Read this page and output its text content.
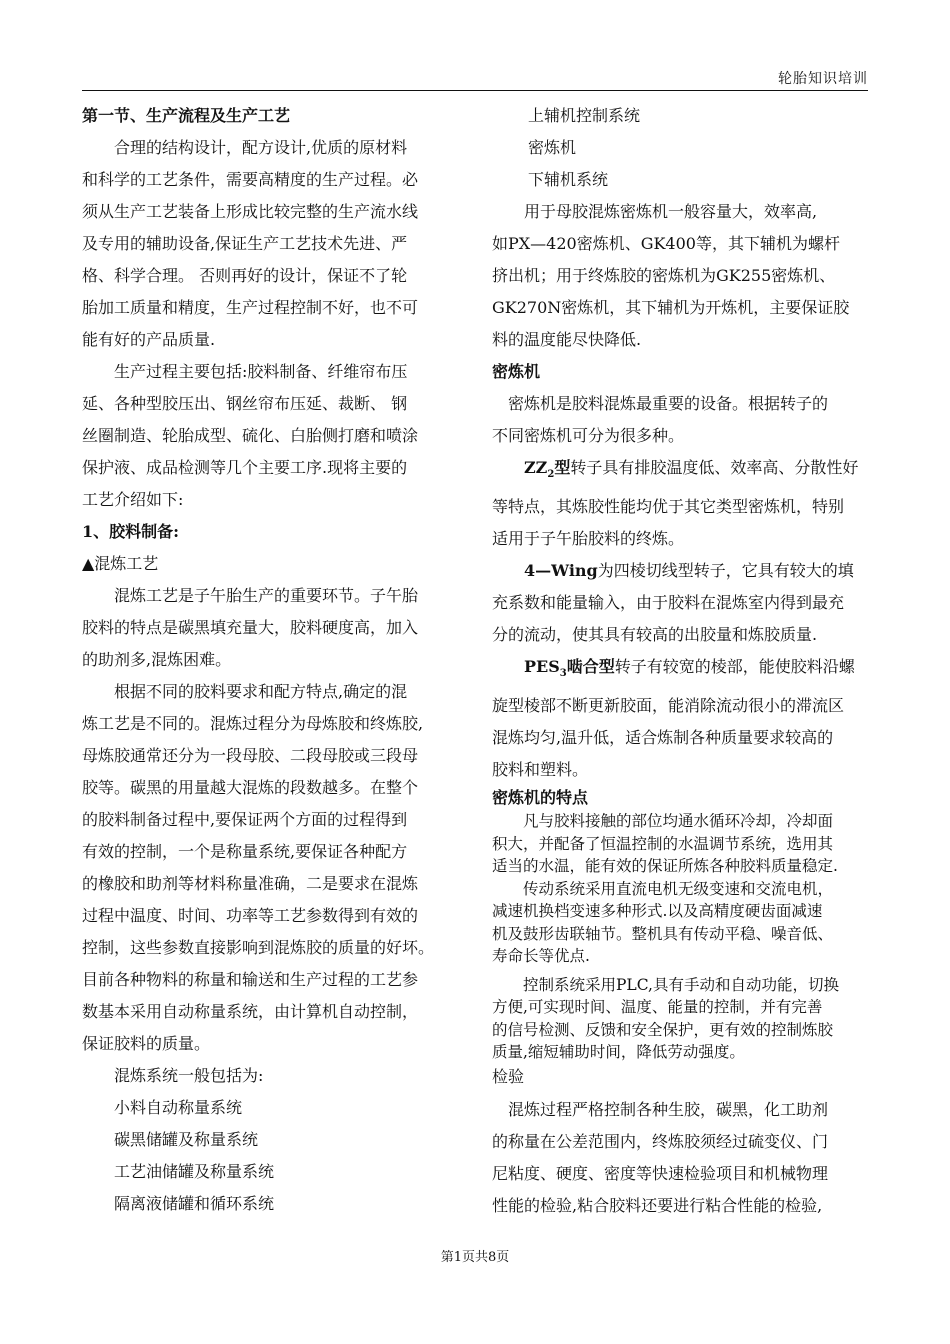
轮胎知识培训
第一节、生产流程及生产工艺
合理的结构设计，配方设计,优质的原材料
和科学的工艺条件，需要高精度的生产过程。必
须从生产工艺装备上形成比较完整的生产流水线
及专用的辅助设备,保证生产工艺技术先进、严
格、科学合理。 否则再好的设计，保证不了轮
胎加工质量和精度，生产过程控制不好，也不可
能有好的产品质量.
生产过程主要包括:胶料制备、纤维帘布压
延、各种型胶压出、钢丝帘布压延、裁断、 钢
丝圈制造、轮胎成型、硫化、白胎侧打磨和喷涂
保护液、成品检测等几个主要工序.现将主要的
工艺介绍如下:
1、胶料制备:
▲混炼工艺
混炼工艺是子午胎生产的重要环节。子午胎
胶料的特点是碳黑填充量大，胶料硬度高，加入
的助剂多,混炼困难。
根据不同的胶料要求和配方特点,确定的混
炼工艺是不同的。混炼过程分为母炼胶和终炼胶,
母炼胶通常还分为一段母胶、二段母胶或三段母
胶等。碳黑的用量越大混炼的段数越多。在整个
的胶料制备过程中,要保证两个方面的过程得到
有效的控制，一个是称量系统,要保证各种配方
的橡胶和助剂等材料称量准确，二是要求在混炼
过程中温度、时间、功率等工艺参数得到有效的
控制，这些参数直接影响到混炼胶的质量的好坏。
目前各种物料的称量和输送和生产过程的工艺参
数基本采用自动称量系统，由计算机自动控制，
保证胶料的质量。
混炼系统一般包括为:
小料自动称量系统
碳黑储罐及称量系统
工艺油储罐及称量系统
隔离液储罐和循环系统
上辅机控制系统
密炼机
下辅机系统
用于母胶混炼密炼机一般容量大，效率高,
如PX—420密炼机、GK400等，其下辅机为螺杆
挤出机；用于终炼胶的密炼机为GK255密炼机、
GK270N密炼机，其下辅机为开炼机，主要保证胶
料的温度能尽快降低.
密炼机
密炼机是胶料混炼最重要的设备。根据转子的
不同密炼机可分为很多种。
$ZZ_2$型转子具有排胶温度低、效率高、分散性好
等特点，其炼胶性能均优于其它类型密炼机，特别
适用于子午胎胶料的终炼。
4—Wing为四棱切线型转子，它具有较大的填
充系数和能量输入，由于胶料在混炼室内得到最充
分的流动，使其具有较高的出胶量和炼胶质量.
$PES_3$啮合型转子有较宽的棱部，能使胶料沿螺
旋型棱部不断更新胶面，能消除流动很小的滞流区
混炼均匀,温升低，适合炼制各种质量要求较高的
胶料和塑料。
密炼机的特点
凡与胶料接触的部位均通水循环冷却，冷却面
积大，并配备了恒温控制的水温调节系统，选用其
适当的水温，能有效的保证所炼各种胶料质量稳定.
传动系统采用直流电机无级变速和交流电机，
减速机换档变速多种形式.以及高精度硬齿面减速
机及鼓形齿联轴节。整机具有传动平稳、噪音低、
寿命长等优点.
控制系统采用PLC,具有手动和自动功能，切换
方便,可实现时间、温度、能量的控制，并有完善
的信号检测、反馈和安全保护，更有效的控制炼胶
质量,缩短辅助时间，降低劳动强度。
检验
混炼过程严格控制各种生胶，碳黑，化工助剂
的称量在公差范围内，终炼胶须经过硫变仪、门
尼粘度、硬度、密度等快速检验项目和机械物理
性能的检验,粘合胶料还要进行粘合性能的检验,
第1页共8页
